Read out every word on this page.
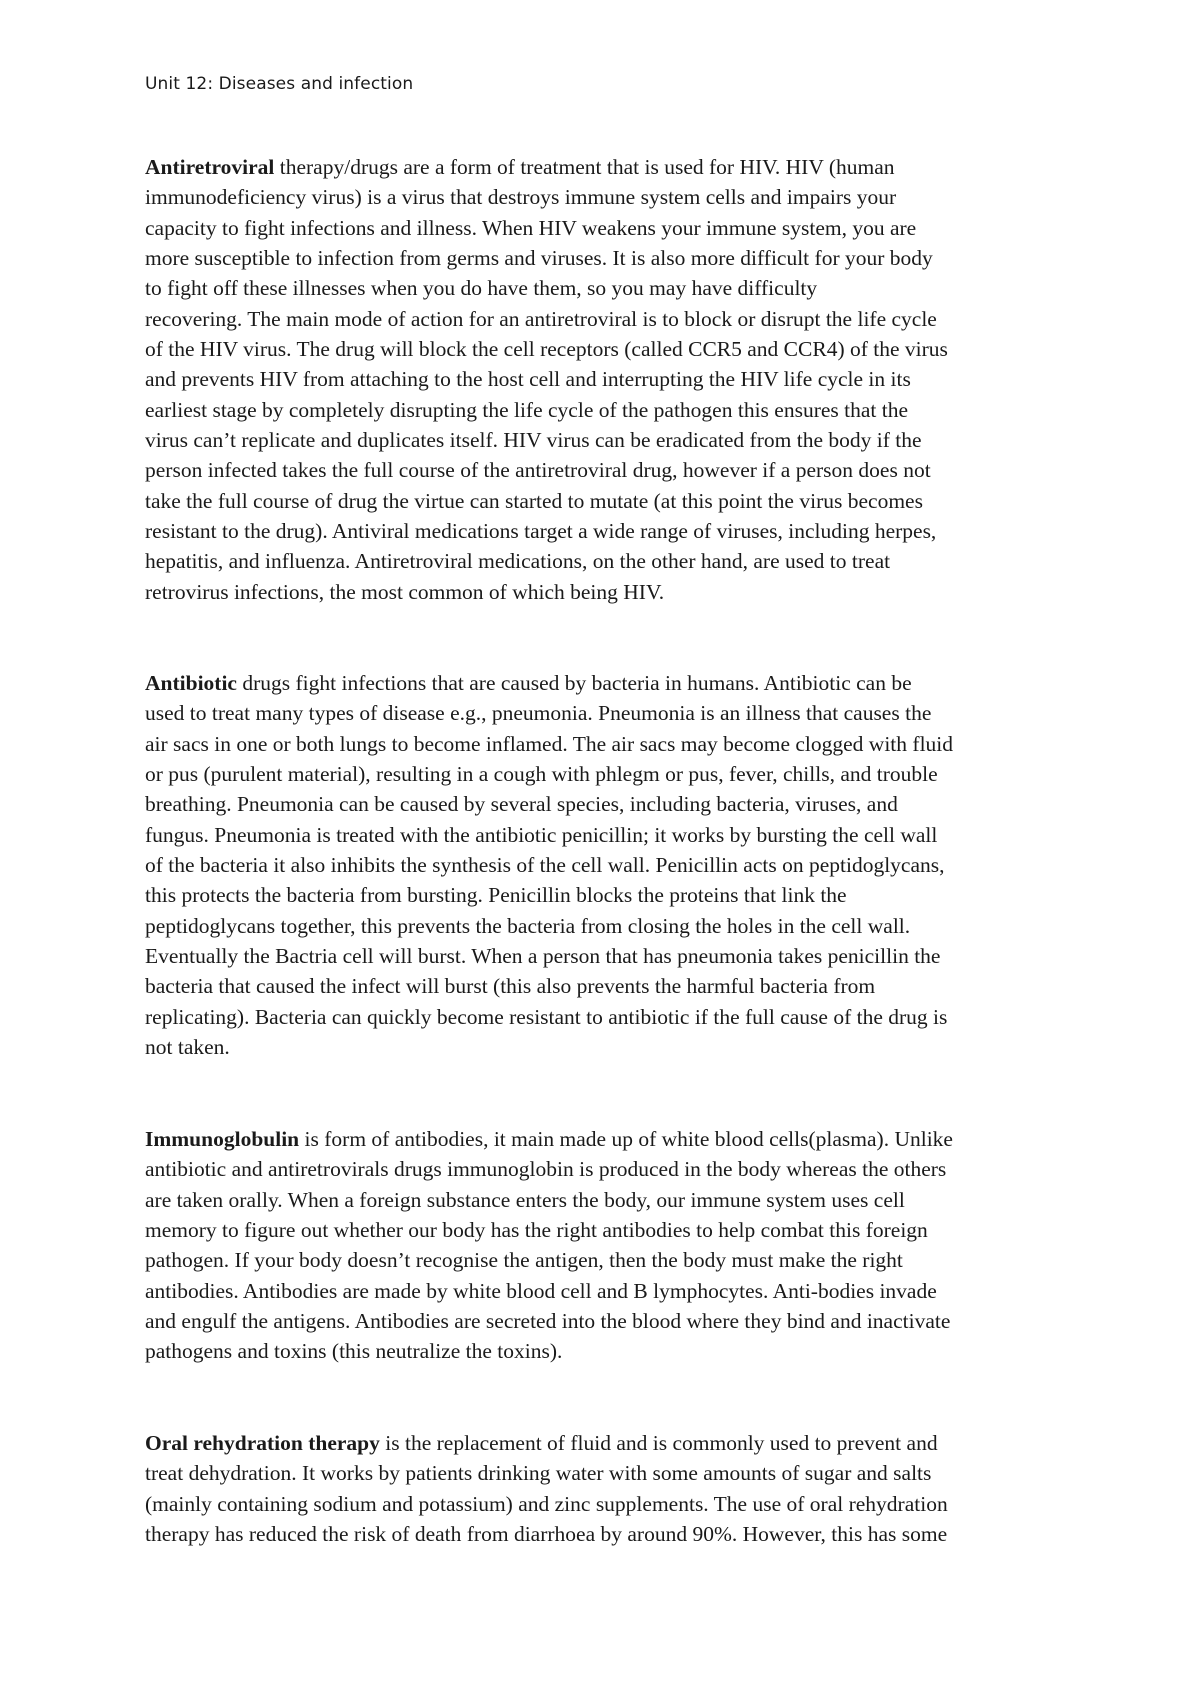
Unit 12: Diseases and infection
Antiretroviral therapy/drugs are a form of treatment that is used for HIV. HIV (human
immunodeficiency virus) is a virus that destroys immune system cells and impairs your
capacity to fight infections and illness. When HIV weakens your immune system, you are
more susceptible to infection from germs and viruses. It is also more difficult for your body
to fight off these illnesses when you do have them, so you may have difficulty
recovering. The main mode of action for an antiretroviral is to block or disrupt the life cycle
of the HIV virus. The drug will block the cell receptors (called CCR5 and CCR4) of the virus
and prevents HIV from attaching to the host cell and interrupting the HIV life cycle in its
earliest stage by completely disrupting the life cycle of the pathogen this ensures that the
virus can’t replicate and duplicates itself. HIV virus can be eradicated from the body if the
person infected takes the full course of the antiretroviral drug, however if a person does not
take the full course of drug the virtue can started to mutate (at this point the virus becomes
resistant to the drug). Antiviral medications target a wide range of viruses, including herpes,
hepatitis, and influenza. Antiretroviral medications, on the other hand, are used to treat
retrovirus infections, the most common of which being HIV.
Antibiotic drugs fight infections that are caused by bacteria in humans. Antibiotic can be
used to treat many types of disease e.g., pneumonia. Pneumonia is an illness that causes the
air sacs in one or both lungs to become inflamed. The air sacs may become clogged with fluid
or pus (purulent material), resulting in a cough with phlegm or pus, fever, chills, and trouble
breathing. Pneumonia can be caused by several species, including bacteria, viruses, and
fungus. Pneumonia is treated with the antibiotic penicillin; it works by bursting the cell wall
of the bacteria it also inhibits the synthesis of the cell wall. Penicillin acts on peptidoglycans,
this protects the bacteria from bursting. Penicillin blocks the proteins that link the
peptidoglycans together, this prevents the bacteria from closing the holes in the cell wall.
Eventually the Bactria cell will burst. When a person that has pneumonia takes penicillin the
bacteria that caused the infect will burst (this also prevents the harmful bacteria from
replicating). Bacteria can quickly become resistant to antibiotic if the full cause of the drug is
not taken.
Immunoglobulin is form of antibodies, it main made up of white blood cells(plasma). Unlike
antibiotic and antiretrovirals drugs immunoglobin is produced in the body whereas the others
are taken orally. When a foreign substance enters the body, our immune system uses cell
memory to figure out whether our body has the right antibodies to help combat this foreign
pathogen. If your body doesn’t recognise the antigen, then the body must make the right
antibodies. Antibodies are made by white blood cell and B lymphocytes. Anti-bodies invade
and engulf the antigens. Antibodies are secreted into the blood where they bind and inactivate
pathogens and toxins (this neutralize the toxins).
Oral rehydration therapy is the replacement of fluid and is commonly used to prevent and
treat dehydration. It works by patients drinking water with some amounts of sugar and salts
(mainly containing sodium and potassium) and zinc supplements. The use of oral rehydration
therapy has reduced the risk of death from diarrhoea by around 90%. However, this has some
